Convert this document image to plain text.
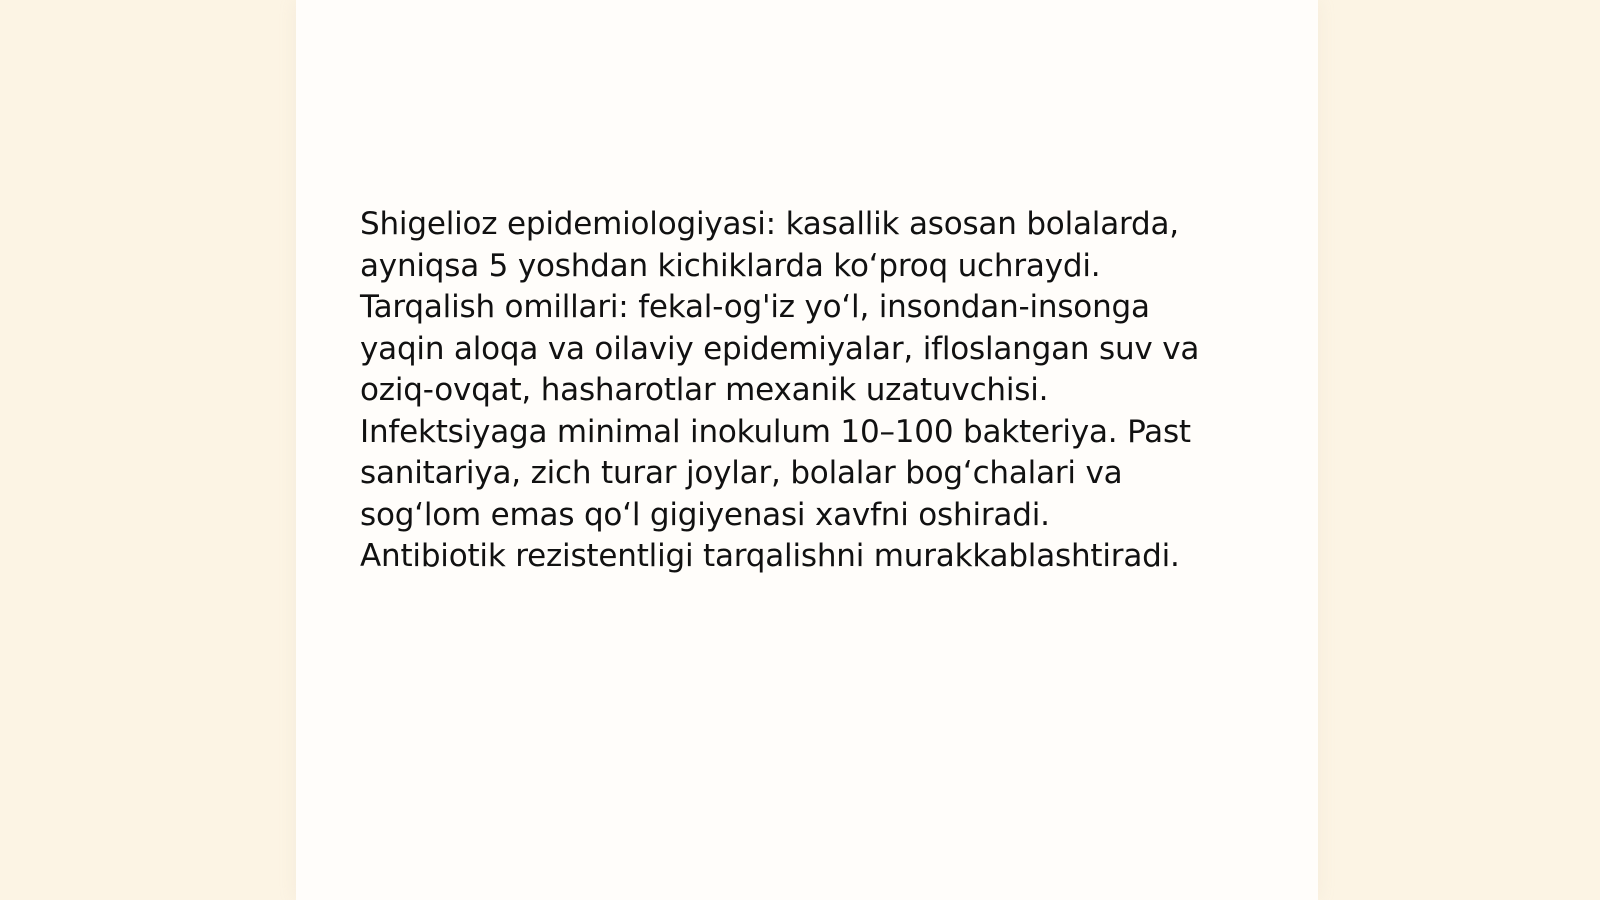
Shigelioz epidemiologiyasi: kasallik asosan bolalarda,
ayniqsa 5 yoshdan kichiklarda ko‘proq uchraydi.
Tarqalish omillari: fekal-og'iz yo‘l, insondan-insonga
yaqin aloqa va oilaviy epidemiyalar, ifloslangan suv va
oziq-ovqat, hasharotlar mexanik uzatuvchisi.
Infektsiyaga minimal inokulum 10–100 bakteriya. Past
sanitariya, zich turar joylar, bolalar bog‘chalari va
sog‘lom emas qo‘l gigiyenasi xavfni oshiradi.
Antibiotik rezistentligi tarqalishni murakkablashtiradi.
